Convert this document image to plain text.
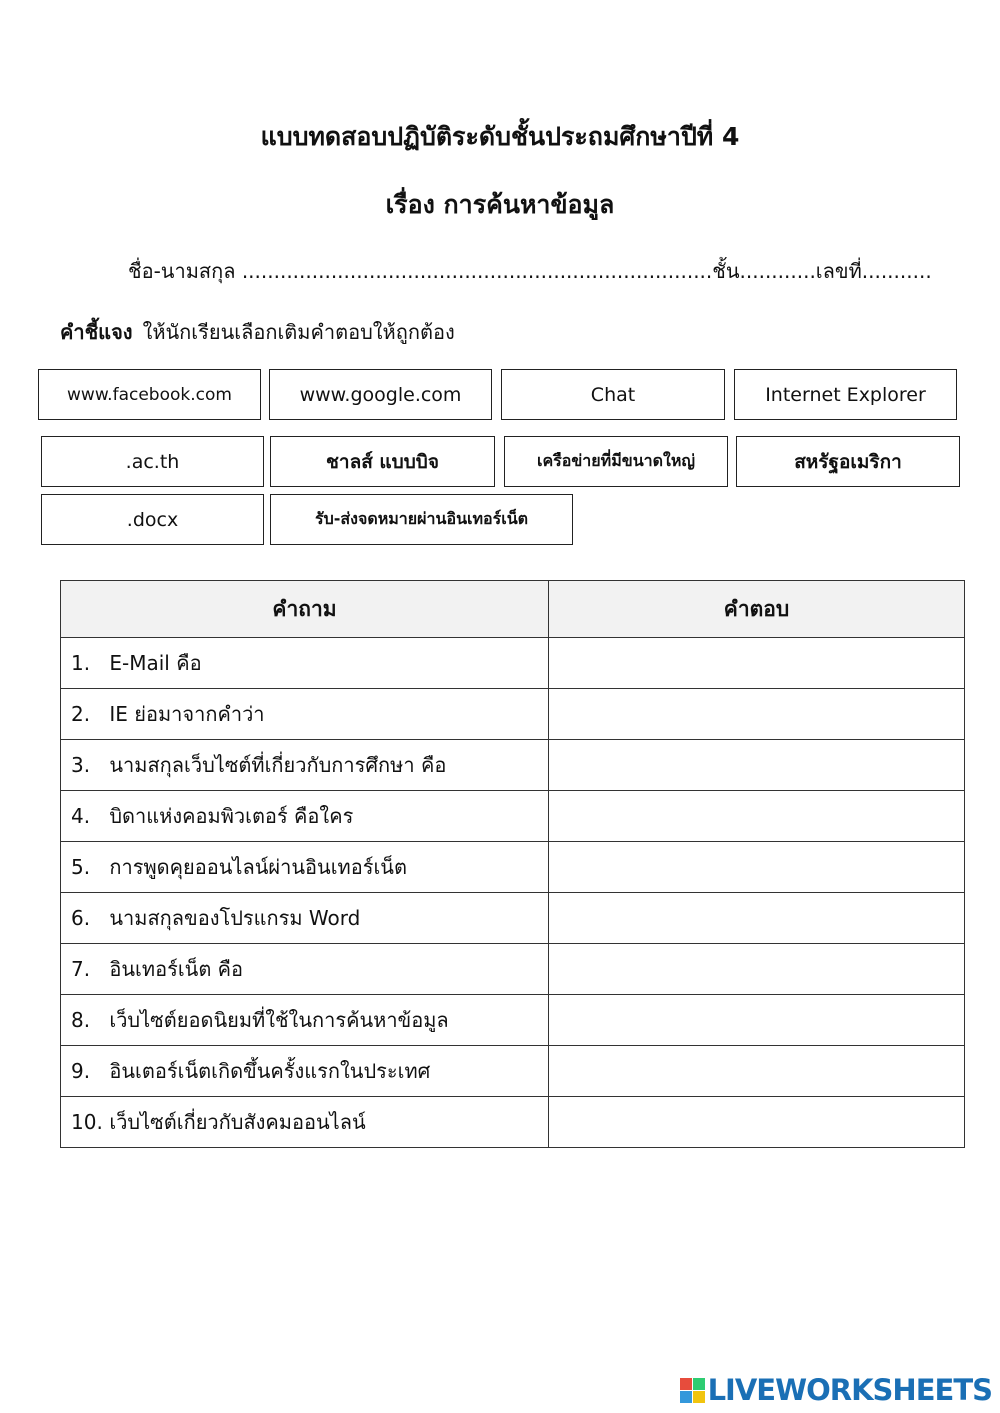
แบบทดสอบปฏิบัติระดับชั้นประถมศึกษาปีที่ 4
เรื่อง การค้นหาข้อมูล
ชื่อ-นามสกุล ..........................................................................ชั้น............เลขที่...........
คำชี้แจง ให้นักเรียนเลือกเติมคำตอบให้ถูกต้อง
www.facebook.com	www.google.com	Chat	Internet Explorer
.ac.th	ชาลส์ แบบบิจ	เครือข่ายที่มีขนาดใหญ่	สหรัฐอเมริกา
.docx	รับ-ส่งจดหมายผ่านอินเทอร์เน็ต
คำถาม	คำตอบ
1. E-Mail คือ	
2. IE ย่อมาจากคำว่า	
3. นามสกุลเว็บไซต์ที่เกี่ยวกับการศึกษา คือ	
4. บิดาแห่งคอมพิวเตอร์ คือใคร	
5. การพูดคุยออนไลน์ผ่านอินเทอร์เน็ต	
6. นามสกุลของโปรแกรม Word	
7. อินเทอร์เน็ต คือ	
8. เว็บไซต์ยอดนิยมที่ใช้ในการค้นหาข้อมูล	
9. อินเตอร์เน็ตเกิดขึ้นครั้งแรกในประเทศ	
10. เว็บไซต์เกี่ยวกับสังคมออนไลน์	
LIVEWORKSHEETS
